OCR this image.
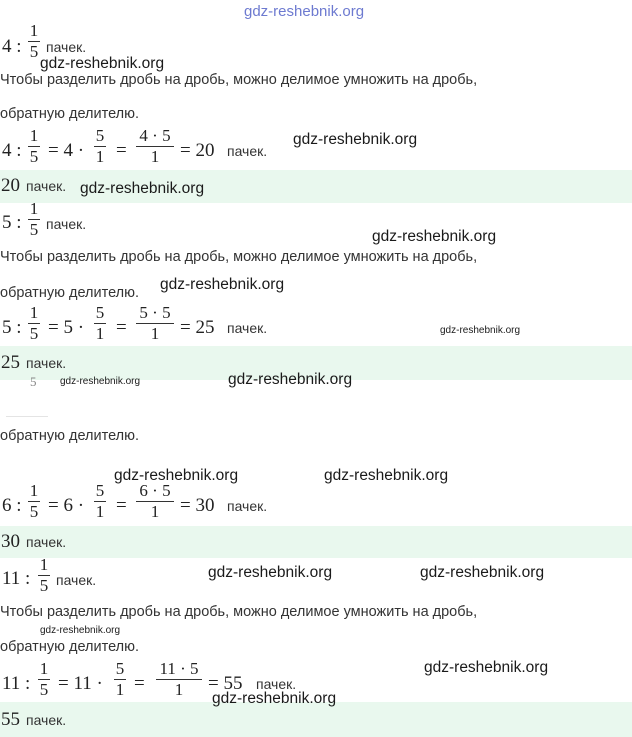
gdz-reshebnik.org
4 :
1
5 пачек.
gdz-reshebnik.org
Чтобы разделить дробь на дробь, можно делимое умножить на дробь,
обратную делителю.
4 :
1
5 = 4 ·
5
1 =
4 · 5
1	= 20 пачек.
gdz-reshebnik.org
20 пачек. gdz-reshebnik.org
5 :
1
5 пачек.
gdz-reshebnik.org
Чтобы разделить дробь на дробь, можно делимое умножить на дробь,
gdz-reshebnik.org
обратную делителю.
5 :
1
5 = 5 ·
5
1 =
5 · 5
1	= 25 пачек.	gdz-reshebnik.org
25 пачек.
5 gdz-reshebnik.org	gdz-reshebnik.org
обратную делителю.
gdz-reshebnik.org	gdz-reshebnik.org
6 :
1
5 = 6 ·
5
1 =
6 · 5
1	= 30 пачек.
30 пачек.
11 :
1
5 пачек.	gdz-reshebnik.org	gdz-reshebnik.org
Чтобы разделить дробь на дробь, можно делимое умножить на дробь,
gdz-reshebnik.org
обратную делителю.
11 :
1
5 = 11 ·
5
1 =
11 · 5
1	= 55 пачек.
gdz-reshebnik.org
gdz-reshebnik.org
55 пачек.
